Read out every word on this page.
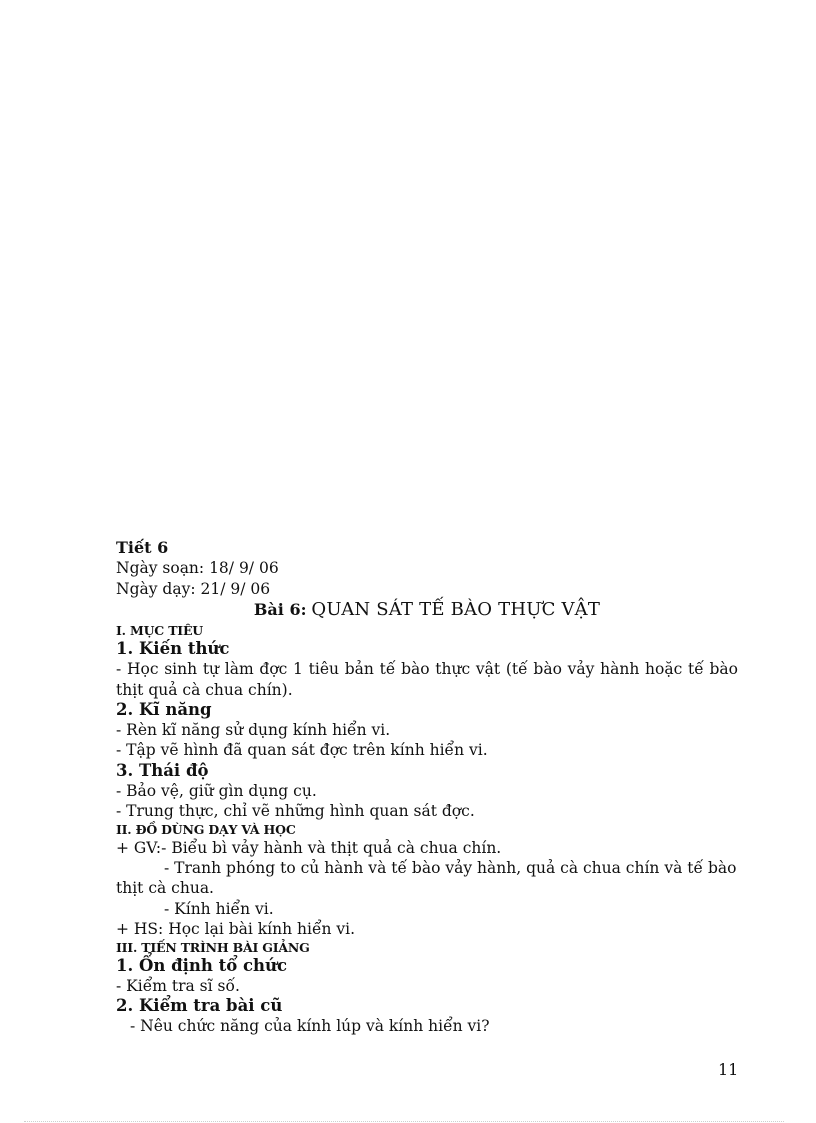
Tiết 6
Ngày soạn: 18/ 9/ 06
Ngày dạy: 21/ 9/ 06
Bài 6: QUAN SÁT TẾ BÀO THỰC VẬT
I. MỤC TIÊU
1. Kiến thức
- Học sinh tự làm đợc 1 tiêu bản tế bào thực vật (tế bào vảy hành hoặc tế bào thịt quả cà chua chín).
2. Kĩ năng
- Rèn kĩ năng sử dụng kính hiển vi.
- Tập vẽ hình đã quan sát đợc trên kính hiển vi.
3. Thái độ
- Bảo vệ, giữ gìn dụng cụ.
- Trung thực, chỉ vẽ những hình quan sát đợc.
II. ĐỒ DÙNG DẠY VÀ HỌC
+ GV:- Biểu bì vảy hành và thịt quả cà chua chín.
- Tranh phóng to củ hành và tế bào vảy hành, quả cà chua chín và tế bào
thịt cà chua.
- Kính hiển vi.
+ HS: Học lại bài kính hiển vi.
III. TIẾN TRÌNH BÀI GIẢNG
1. Ổn định tổ chức
- Kiểm tra sĩ số.
2. Kiểm tra bài cũ
- Nêu chức năng của kính lúp và kính hiển vi?
11
